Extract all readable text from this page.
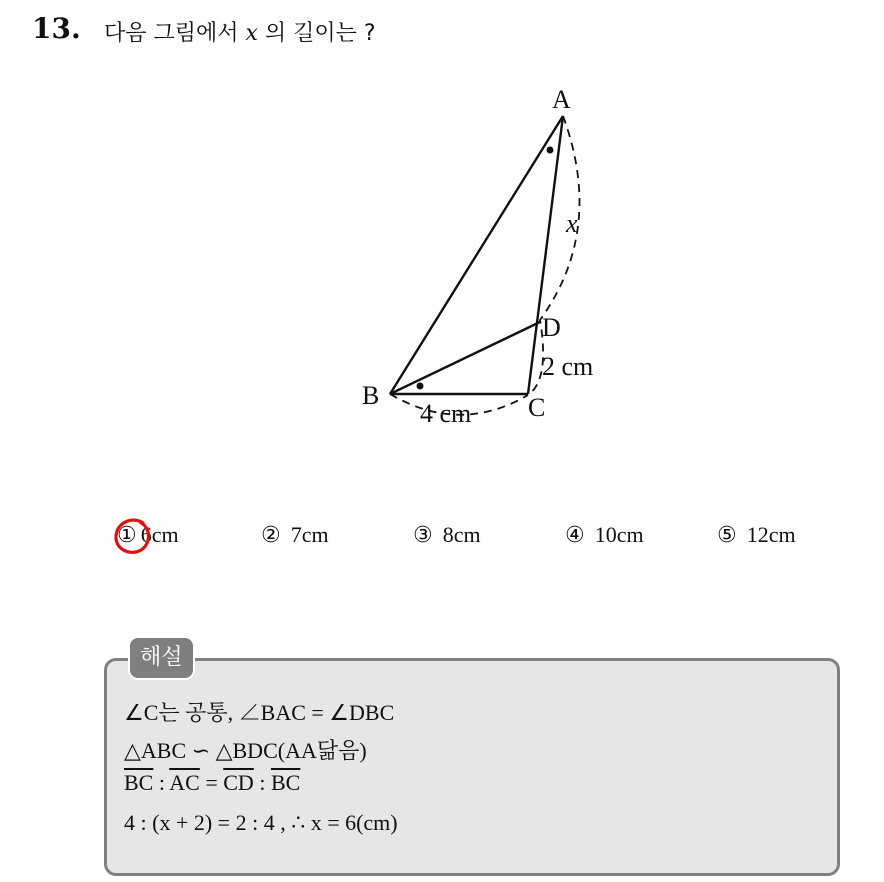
13. 다음 그림에서 x 의 길이는 ?
A
B	C
D
x
2 cm
4 cm
① 6cm	② 7cm	③ 8cm	④ 10cm	⑤ 12cm
해설
∠C는 공통, ∠BAC = ∠DBC
△ABC ∽ △BDC(AA닮음)
$\overline{BC}$ : $\overline{AC} = \overline{CD}$ : $\overline{BC}$
4 : (x + 2) = 2 : 4 , ∴ x = 6(cm)
